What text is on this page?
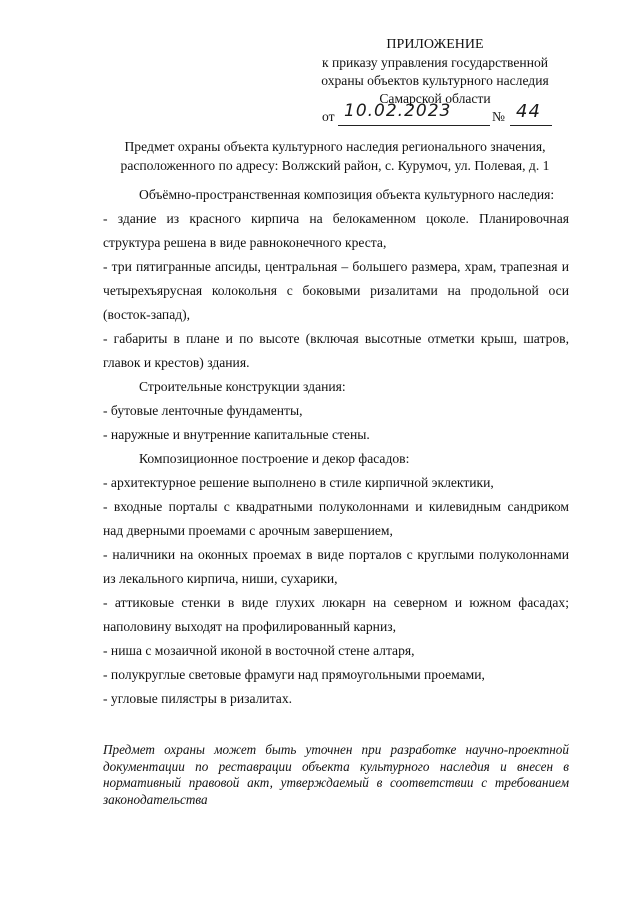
ПРИЛОЖЕНИЕ
к приказу управления государственной
охраны объектов культурного наследия
Самарской области
от 10.02.2023	№ 44
Предмет охраны объекта культурного наследия регионального значения,
расположенного по адресу: Волжский район, с. Курумоч, ул. Полевая, д. 1

Объёмно-пространственная композиция объекта культурного наследия:

- здание из красного кирпича на белокаменном цоколе. Планировочная структура решена в виде равноконечного креста,

- три пятигранные апсиды, центральная – большего размера, храм, трапезная и четырехъярусная колокольня с боковыми ризалитами на продольной оси (восток-запад),

- габариты в плане и по высоте (включая высотные отметки крыш, шатров, главок и крестов) здания.

Строительные конструкции здания:

- бутовые ленточные фундаменты,

- наружные и внутренние капитальные стены.

Композиционное построение и декор фасадов:

- архитектурное решение выполнено в стиле кирпичной эклектики,

- входные порталы с квадратными полуколоннами и килевидным сандриком над дверными проемами с арочным завершением,

- наличники на оконных проемах в виде порталов с круглыми полуколоннами из лекального кирпича, ниши, сухарики,

- аттиковые стенки в виде глухих люкарн на северном и южном фасадах; наполовину выходят на профилированный карниз,

- ниша с мозаичной иконой в восточной стене алтаря,

- полукруглые световые фрамуги над прямоугольными проемами,

- угловые пилястры в ризалитах.

Предмет охраны может быть уточнен при разработке научно-проектной документации по реставрации объекта культурного наследия и внесен в нормативный правовой акт, утверждаемый в соответствии с требованием законодательства
